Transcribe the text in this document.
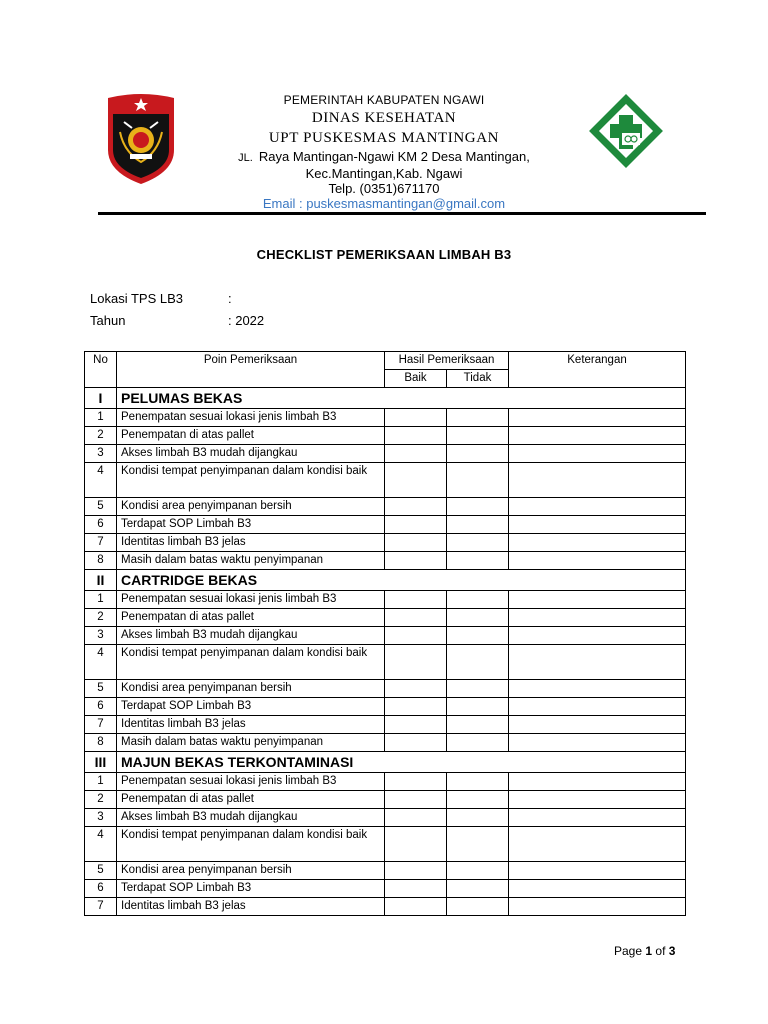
PEMERINTAH KABUPATEN NGAWI
DINAS KESEHATAN
UPT PUSKESMAS MANTINGAN
JL. Raya Mantingan-Ngawi KM 2 Desa Mantingan,
Kec.Mantingan,Kab. Ngawi
Telp. (0351)671170
Email : puskesmasmantingan@gmail.com
CHECKLIST PEMERIKSAAN LIMBAH B3
Lokasi TPS LB3	:
Tahun	: 2022
No	Poin Pemeriksaan	Hasil Pemeriksaan		Keterangan
		Baik	Tidak	
I	PELUMAS BEKAS			
1	Penempatan sesuai lokasi jenis limbah B3			
2	Penempatan di atas pallet			
3	Akses limbah B3 mudah dijangkau			
4	Kondisi tempat penyimpanan dalam kondisi baik			
5	Kondisi area penyimpanan bersih			
6	Terdapat SOP Limbah B3			
7	Identitas limbah B3 jelas			
8	Masih dalam batas waktu penyimpanan			
II	CARTRIDGE BEKAS			
1	Penempatan sesuai lokasi jenis limbah B3			
2	Penempatan di atas pallet			
3	Akses limbah B3 mudah dijangkau			
4	Kondisi tempat penyimpanan dalam kondisi baik			
5	Kondisi area penyimpanan bersih			
6	Terdapat SOP Limbah B3			
7	Identitas limbah B3 jelas			
8	Masih dalam batas waktu penyimpanan			
III	MAJUN BEKAS TERKONTAMINASI			
1	Penempatan sesuai lokasi jenis limbah B3			
2	Penempatan di atas pallet			
3	Akses limbah B3 mudah dijangkau			
4	Kondisi tempat penyimpanan dalam kondisi baik			
5	Kondisi area penyimpanan bersih			
6	Terdapat SOP Limbah B3			
7	Identitas limbah B3 jelas			
Page 1 of 3
